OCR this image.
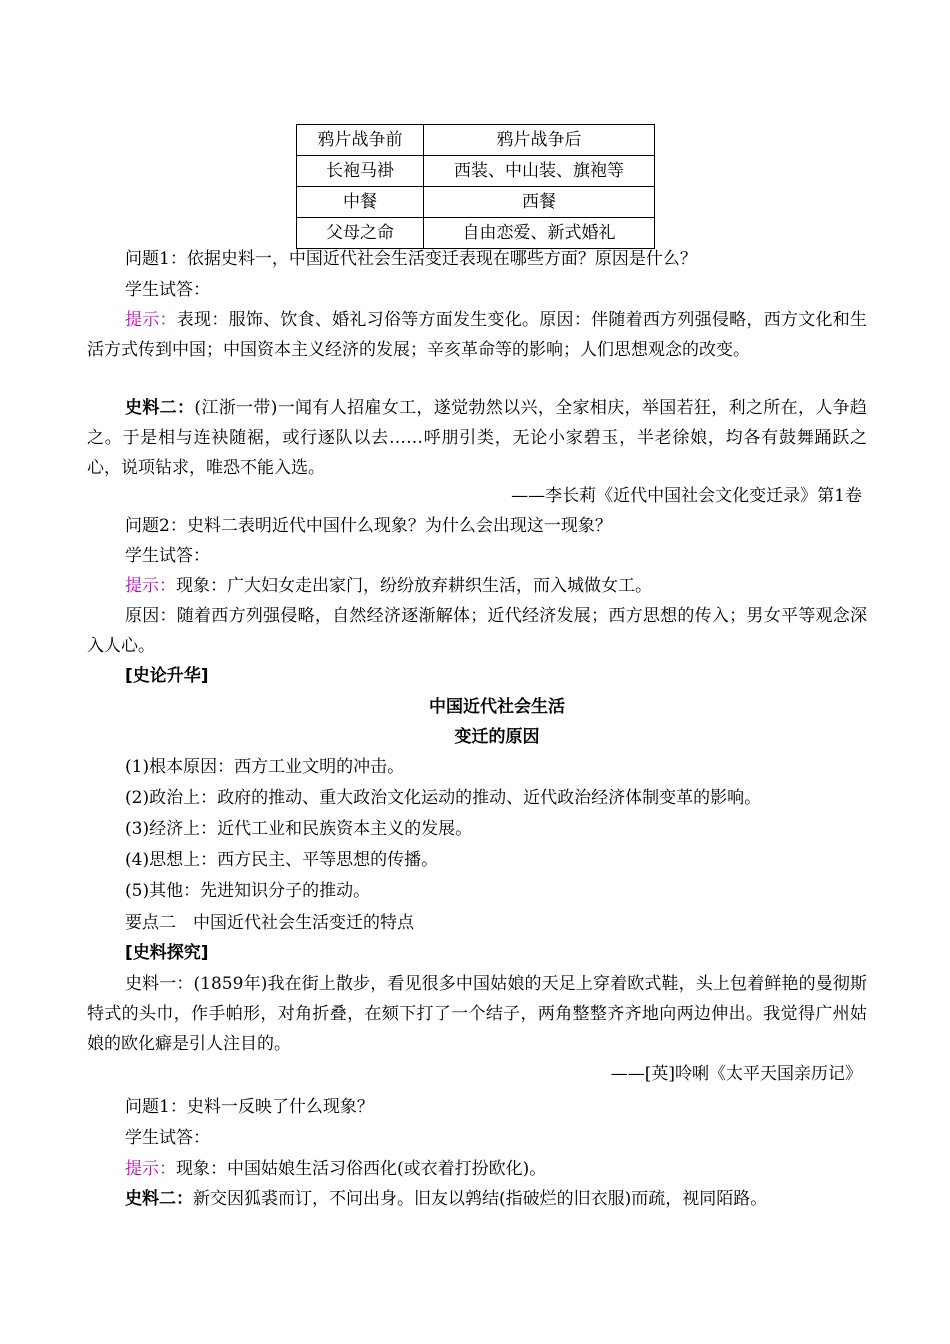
鸦片战争前	鸦片战争后
长袍马褂	西装、中山装、旗袍等
中餐	西餐
父母之命	自由恋爱、新式婚礼
问题1：依据史料一，中国近代社会生活变迁表现在哪些方面？原因是什么？
学生试答：
提示：表现：服饰、饮食、婚礼习俗等方面发生变化。原因：伴随着西方列强侵略，西方文化和生活方式传到中国；中国资本主义经济的发展；辛亥革命等的影响；人们思想观念的改变。
史料二：(江浙一带)一闻有人招雇女工，遂觉勃然以兴，全家相庆，举国若狂，利之所在，人争趋之。于是相与连袂随裾，或行逐队以去……呼朋引类，无论小家碧玉，半老徐娘，均各有鼓舞踊跃之心，说项钻求，唯恐不能入选。
——李长莉《近代中国社会文化变迁录》第1卷
问题2：史料二表明近代中国什么现象？为什么会出现这一现象？
学生试答：
提示：现象：广大妇女走出家门，纷纷放弃耕织生活，而入城做女工。
原因：随着西方列强侵略，自然经济逐渐解体；近代经济发展；西方思想的传入；男女平等观念深入人心。
[史论升华]
中国近代社会生活
变迁的原因
(1)根本原因：西方工业文明的冲击。
(2)政治上：政府的推动、重大政治文化运动的推动、近代政治经济体制变革的影响。
(3)经济上：近代工业和民族资本主义的发展。
(4)思想上：西方民主、平等思想的传播。
(5)其他：先进知识分子的推动。
要点二　中国近代社会生活变迁的特点
[史料探究]
史料一：(1859年)我在街上散步，看见很多中国姑娘的天足上穿着欧式鞋，头上包着鲜艳的曼彻斯特式的头巾，作手帕形，对角折叠，在颏下打了一个结子，两角整整齐齐地向两边伸出。我觉得广州姑娘的欧化癖是引人注目的。
——[英]呤唎《太平天国亲历记》
问题1：史料一反映了什么现象？
学生试答：
提示：现象：中国姑娘生活习俗西化(或衣着打扮欧化)。
史料二：新交因狐裘而订，不问出身。旧友以鹑结(指破烂的旧衣服)而疏，视同陌路。
